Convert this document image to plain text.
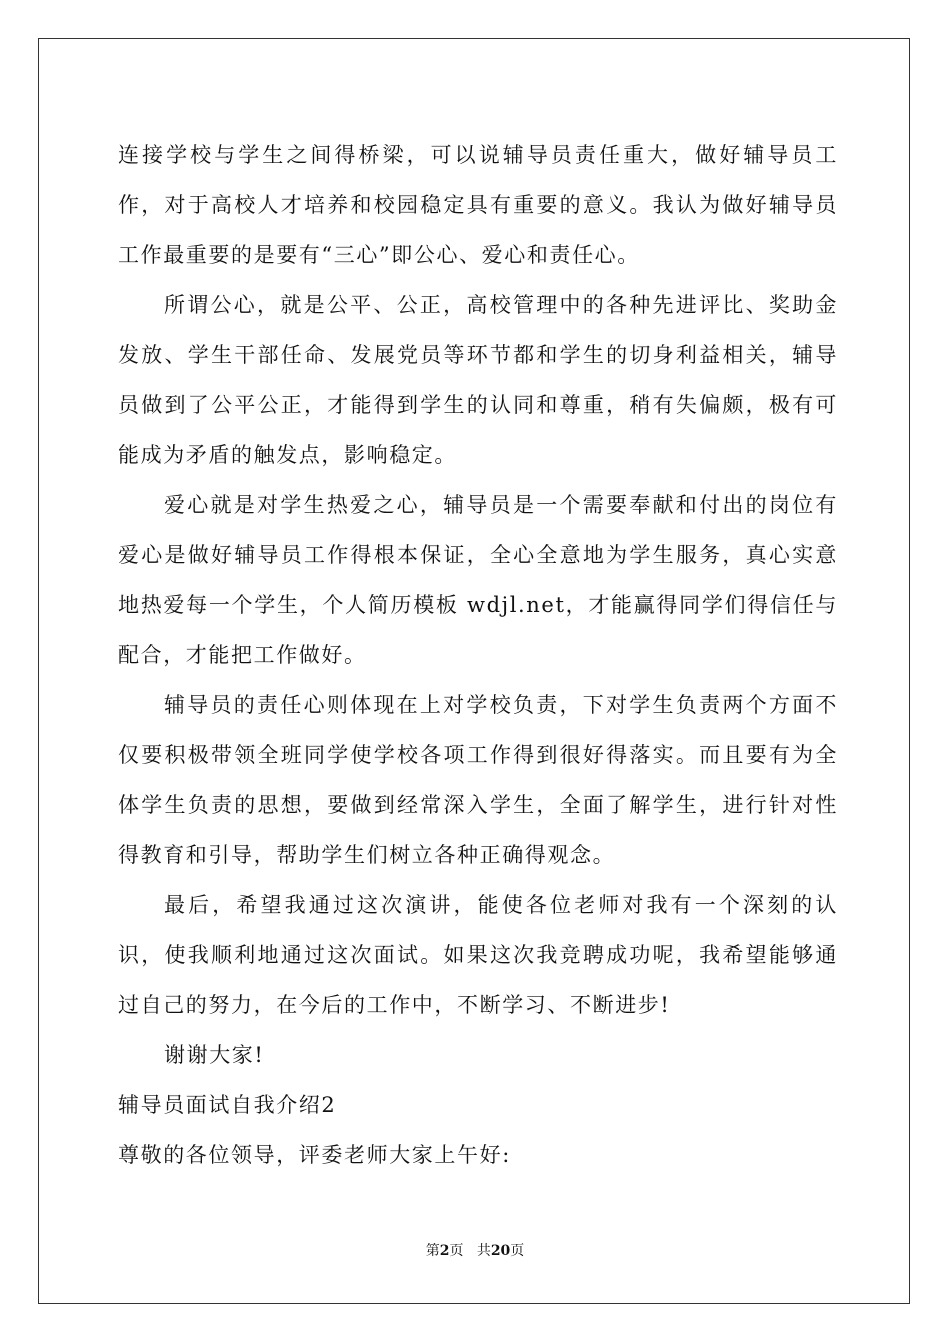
连接学校与学生之间得桥梁，可以说辅导员责任重大，做好辅导员工作，对于高校人才培养和校园稳定具有重要的意义。我认为做好辅导员工作最重要的是要有“三心”即公心、爱心和责任心。

所谓公心，就是公平、公正，高校管理中的各种先进评比、奖助金发放、学生干部任命、发展党员等环节都和学生的切身利益相关，辅导员做到了公平公正，才能得到学生的认同和尊重，稍有失偏颇，极有可能成为矛盾的触发点，影响稳定。

爱心就是对学生热爱之心，辅导员是一个需要奉献和付出的岗位有爱心是做好辅导员工作得根本保证，全心全意地为学生服务，真心实意地热爱每一个学生，个人简历模板 wdjl.net，才能赢得同学们得信任与配合，才能把工作做好。

辅导员的责任心则体现在上对学校负责，下对学生负责两个方面不仅要积极带领全班同学使学校各项工作得到很好得落实。而且要有为全体学生负责的思想，要做到经常深入学生，全面了解学生，进行针对性得教育和引导，帮助学生们树立各种正确得观念。

最后，希望我通过这次演讲，能使各位老师对我有一个深刻的认识，使我顺利地通过这次面试。如果这次我竞聘成功呢，我希望能够通过自己的努力，在今后的工作中，不断学习、不断进步!

谢谢大家!

辅导员面试自我介绍2

尊敬的各位领导，评委老师大家上午好:

第2页 共20页
